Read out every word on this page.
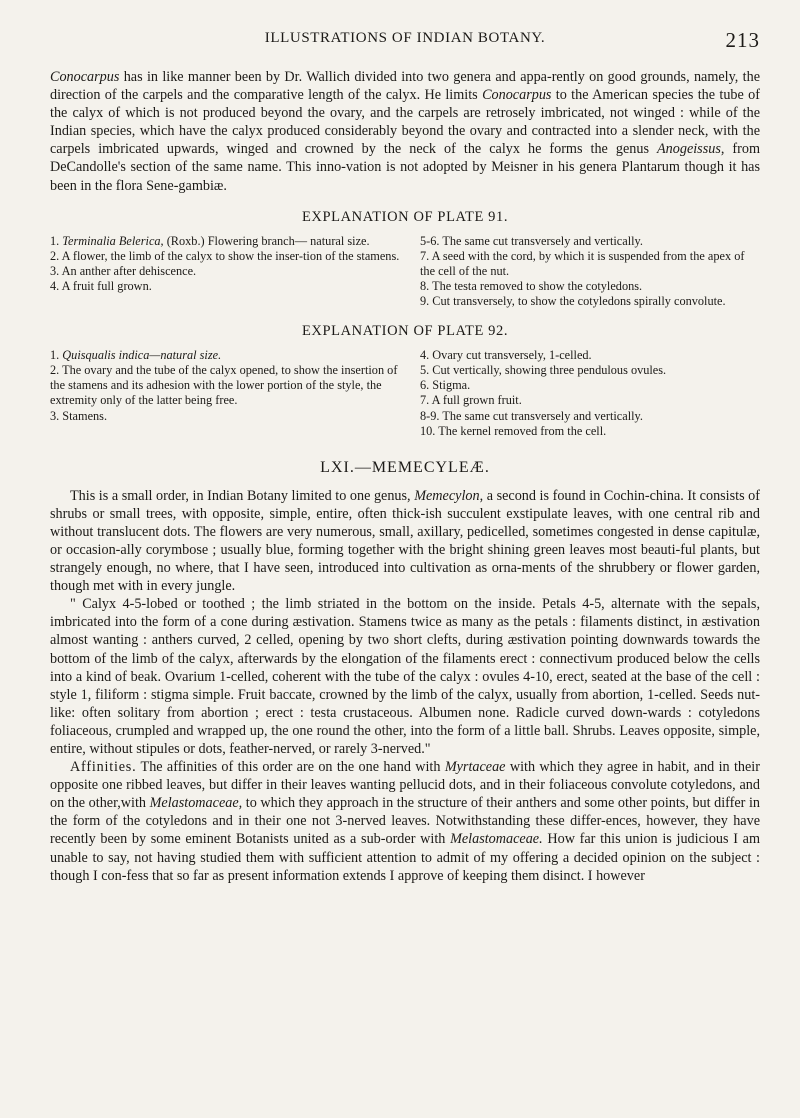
ILLUSTRATIONS OF INDIAN BOTANY.	213

Conocarpus has in like manner been by Dr. Wallich divided into two genera and appa-rently on good grounds, namely, the direction of the carpels and the comparative length of the calyx. He limits Conocarpus to the American species the tube of the calyx of which is not produced beyond the ovary, and the carpels are retrosely imbricated, not winged : while of the Indian species, which have the calyx produced considerably beyond the ovary and contracted into a slender neck, with the carpels imbricated upwards, winged and crowned by the neck of the calyx he forms the genus Anogeissus, from DeCandolle's section of the same name. This inno-vation is not adopted by Meisner in his genera Plantarum though it has been in the flora Sene-gambiæ.

EXPLANATION OF PLATE 91.
1. Terminalia Belerica, (Roxb.) Flowering branch— natural size.
2. A flower, the limb of the calyx to show the inser-tion of the stamens.
3. An anther after dehiscence.
4. A fruit full grown.
5-6. The same cut transversely and vertically.
7. A seed with the cord, by which it is suspended from the apex of the cell of the nut.
8. The testa removed to show the cotyledons.
9. Cut transversely, to show the cotyledons spirally convolute.
EXPLANATION OF PLATE 92.
1. Quisqualis indica—natural size.
2. The ovary and the tube of the calyx opened, to show the insertion of the stamens and its adhesion with the lower portion of the style, the extremity only of the latter being free.
3. Stamens.
4. Ovary cut transversely, 1-celled.
5. Cut vertically, showing three pendulous ovules.
6. Stigma.
7. A full grown fruit.
8-9. The same cut transversely and vertically.
10. The kernel removed from the cell.
LXI.—MEMECYLEÆ.

This is a small order, in Indian Botany limited to one genus, Memecylon, a second is found in Cochin-china. It consists of shrubs or small trees, with opposite, simple, entire, often thick-ish succulent exstipulate leaves, with one central rib and without translucent dots. The flowers are very numerous, small, axillary, pedicelled, sometimes congested in dense capitulæ, or occasion-ally corymbose ; usually blue, forming together with the bright shining green leaves most beauti-ful plants, but strangely enough, no where, that I have seen, introduced into cultivation as orna-ments of the shrubbery or flower garden, though met with in every jungle.

" Calyx 4-5-lobed or toothed ; the limb striated in the bottom on the inside. Petals 4-5, alternate with the sepals, imbricated into the form of a cone during æstivation. Stamens twice as many as the petals : filaments distinct, in æstivation almost wanting : anthers curved, 2 celled, opening by two short clefts, during æstivation pointing downwards towards the bottom of the limb of the calyx, afterwards by the elongation of the filaments erect : connectivum produced below the cells into a kind of beak. Ovarium 1-celled, coherent with the tube of the calyx : ovules 4-10, erect, seated at the base of the cell : style 1, filiform : stigma simple. Fruit baccate, crowned by the limb of the calyx, usually from abortion, 1-celled. Seeds nut-like: often solitary from abortion ; erect : testa crustaceous. Albumen none. Radicle curved down-wards : cotyledons foliaceous, crumpled and wrapped up, the one round the other, into the form of a little ball. Shrubs. Leaves opposite, simple, entire, without stipules or dots, feather-nerved, or rarely 3-nerved."

Affinities. The affinities of this order are on the one hand with Myrtaceae with which they agree in habit, and in their opposite one ribbed leaves, but differ in their leaves wanting pellucid dots, and in their foliaceous convolute cotyledons, and on the other,with Melastomaceae, to which they approach in the structure of their anthers and some other points, but differ in the form of the cotyledons and in their one not 3-nerved leaves. Notwithstanding these differ-ences, however, they have recently been by some eminent Botanists united as a sub-order with Melastomaceae. How far this union is judicious I am unable to say, not having studied them with sufficient attention to admit of my offering a decided opinion on the subject : though I con-fess that so far as present information extends I approve of keeping them disinct. I however
